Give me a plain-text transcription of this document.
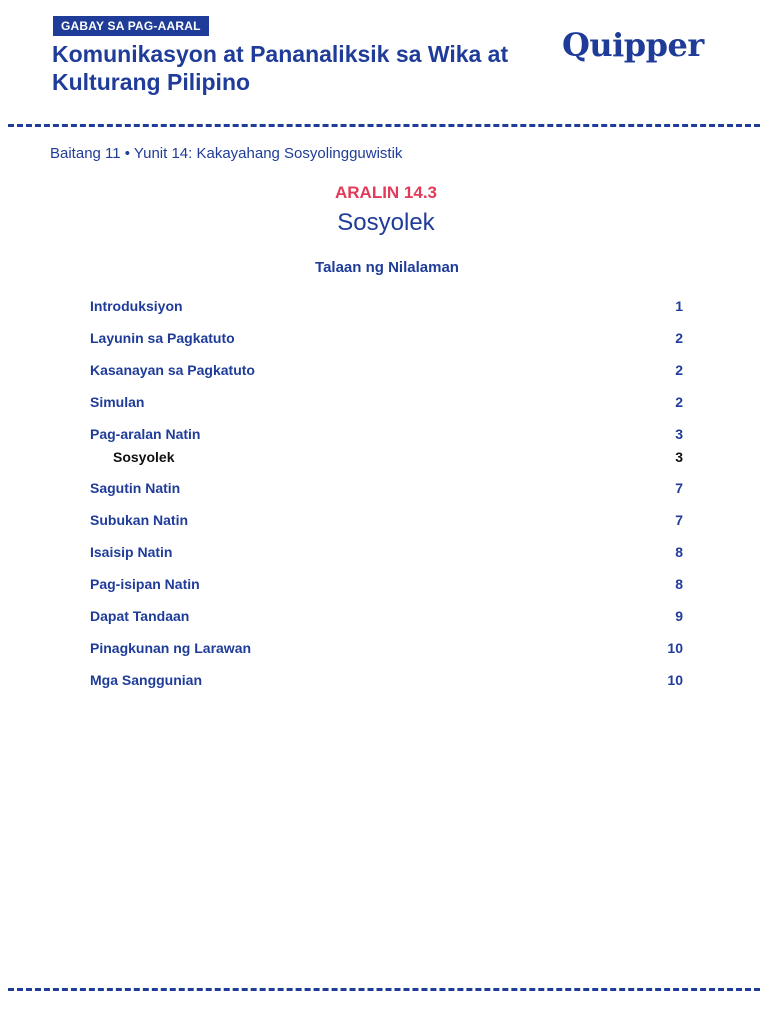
GABAY SA PAG-AARAL
Komunikasyon at Pananaliksik sa Wika at Kulturang Pilipino
Quipper
Baitang 11 • Yunit 14: Kakayahang Sosyolingguwistik
ARALIN 14.3
Sosyolek
Talaan ng Nilalaman
Introduksiyon	1
Layunin sa Pagkatuto	2
Kasanayan sa Pagkatuto	2
Simulan	2
Pag-aralan Natin	3
Sosyolek	3
Sagutin Natin	7
Subukan Natin	7
Isaisip Natin	8
Pag-isipan Natin	8
Dapat Tandaan	9
Pinagkunan ng Larawan	10
Mga Sanggunian	10
